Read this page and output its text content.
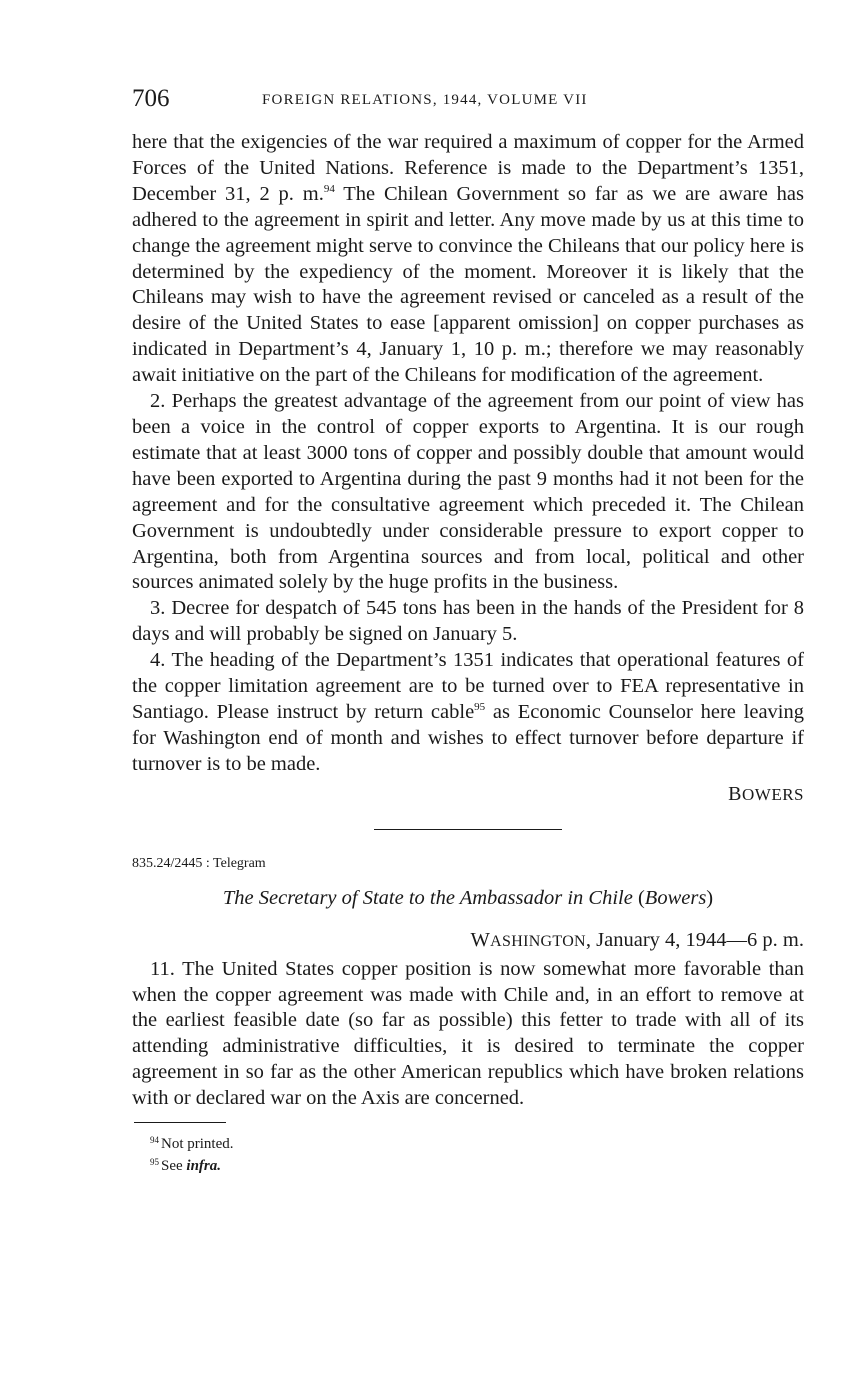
706	FOREIGN RELATIONS, 1944, VOLUME VII

here that the exigencies of the war required a maximum of copper for the Armed Forces of the United Nations. Reference is made to the Department’s 1351, December 31, 2 p. m.$^{94}$ The Chilean Government so far as we are aware has adhered to the agreement in spirit and letter. Any move made by us at this time to change the agreement might serve to convince the Chileans that our policy here is determined by the expediency of the moment. Moreover it is likely that the Chileans may wish to have the agreement revised or canceled as a result of the desire of the United States to ease [apparent omission] on copper purchases as indicated in Department’s 4, January 1, 10 p. m.; therefore we may reasonably await initiative on the part of the Chileans for modification of the agreement.

2. Perhaps the greatest advantage of the agreement from our point of view has been a voice in the control of copper exports to Argentina. It is our rough estimate that at least 3000 tons of copper and possibly double that amount would have been exported to Argentina during the past 9 months had it not been for the agreement and for the consultative agreement which preceded it. The Chilean Government is undoubtedly under considerable pressure to export copper to Argentina, both from Argentina sources and from local, political and other sources animated solely by the huge profits in the business.

3. Decree for despatch of 545 tons has been in the hands of the President for 8 days and will probably be signed on January 5.

4. The heading of the Department’s 1351 indicates that operational features of the copper limitation agreement are to be turned over to FEA representative in Santiago. Please instruct by return cable$^{95}$ as Economic Counselor here leaving for Washington end of month and wishes to effect turnover before departure if turnover is to be made.

BOWERS
835.24/2445 : Telegram
The Secretary of State to the Ambassador in Chile (Bowers)
WASHINGTON, January 4, 1944—6 p. m.

11. The United States copper position is now somewhat more favorable than when the copper agreement was made with Chile and, in an effort to remove at the earliest feasible date (so far as possible) this fetter to trade with all of its attending administrative difficulties, it is desired to terminate the copper agreement in so far as the other American republics which have broken relations with or declared war on the Axis are concerned.

$^{94}$ Not printed.
$^{95}$ See infra.
